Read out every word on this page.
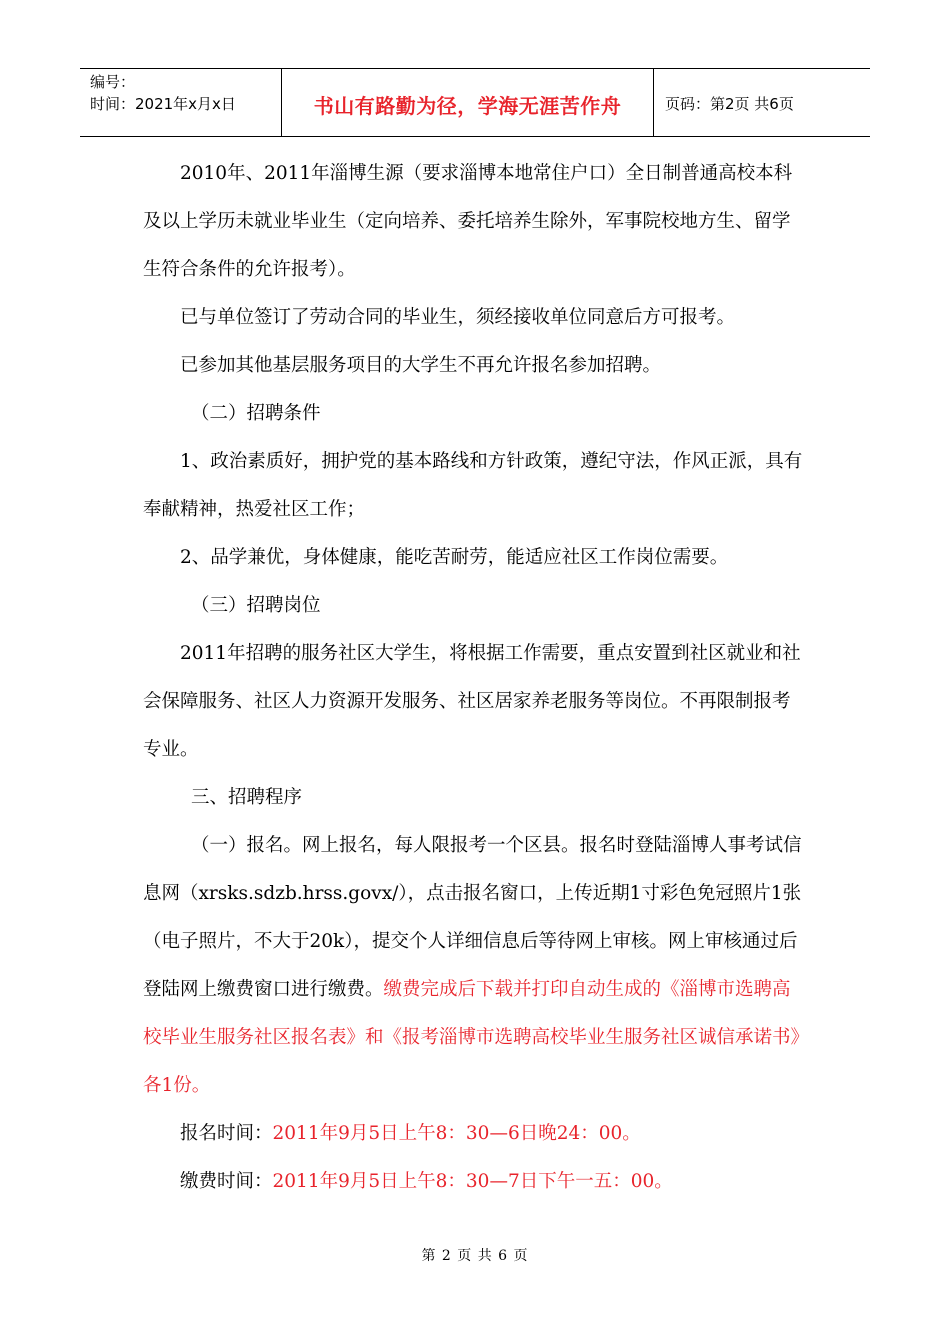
编号：
时间：2021年x月x日	书山有路勤为径，学海无涯苦作舟	页码：第2页 共6页

2010年、2011年淄博生源（要求淄博本地常住户口）全日制普通高校本科及以上学历未就业毕业生（定向培养、委托培养生除外，军事院校地方生、留学生符合条件的允许报考）。

已与单位签订了劳动合同的毕业生，须经接收单位同意后方可报考。

已参加其他基层服务项目的大学生不再允许报名参加招聘。

（二）招聘条件

1、政治素质好，拥护党的基本路线和方针政策，遵纪守法，作风正派，具有奉献精神，热爱社区工作；

2、品学兼优，身体健康，能吃苦耐劳，能适应社区工作岗位需要。

（三）招聘岗位

2011年招聘的服务社区大学生，将根据工作需要，重点安置到社区就业和社会保障服务、社区人力资源开发服务、社区居家养老服务等岗位。不再限制报考专业。

三、招聘程序

（一）报名。网上报名，每人限报考一个区县。报名时登陆淄博人事考试信息网（xrsks.sdzb.hrss.govx/），点击报名窗口，上传近期1寸彩色免冠照片1张（电子照片，不大于20k），提交个人详细信息后等待网上审核。网上审核通过后登陆网上缴费窗口进行缴费。缴费完成后下载并打印自动生成的《淄博市选聘高校毕业生服务社区报名表》和《报考淄博市选聘高校毕业生服务社区诚信承诺书》各1份。

报名时间：2011年9月5日上午8：30—6日晚24：00。

缴费时间：2011年9月5日上午8：30—7日下午一五：00。

第 2 页 共 6 页
